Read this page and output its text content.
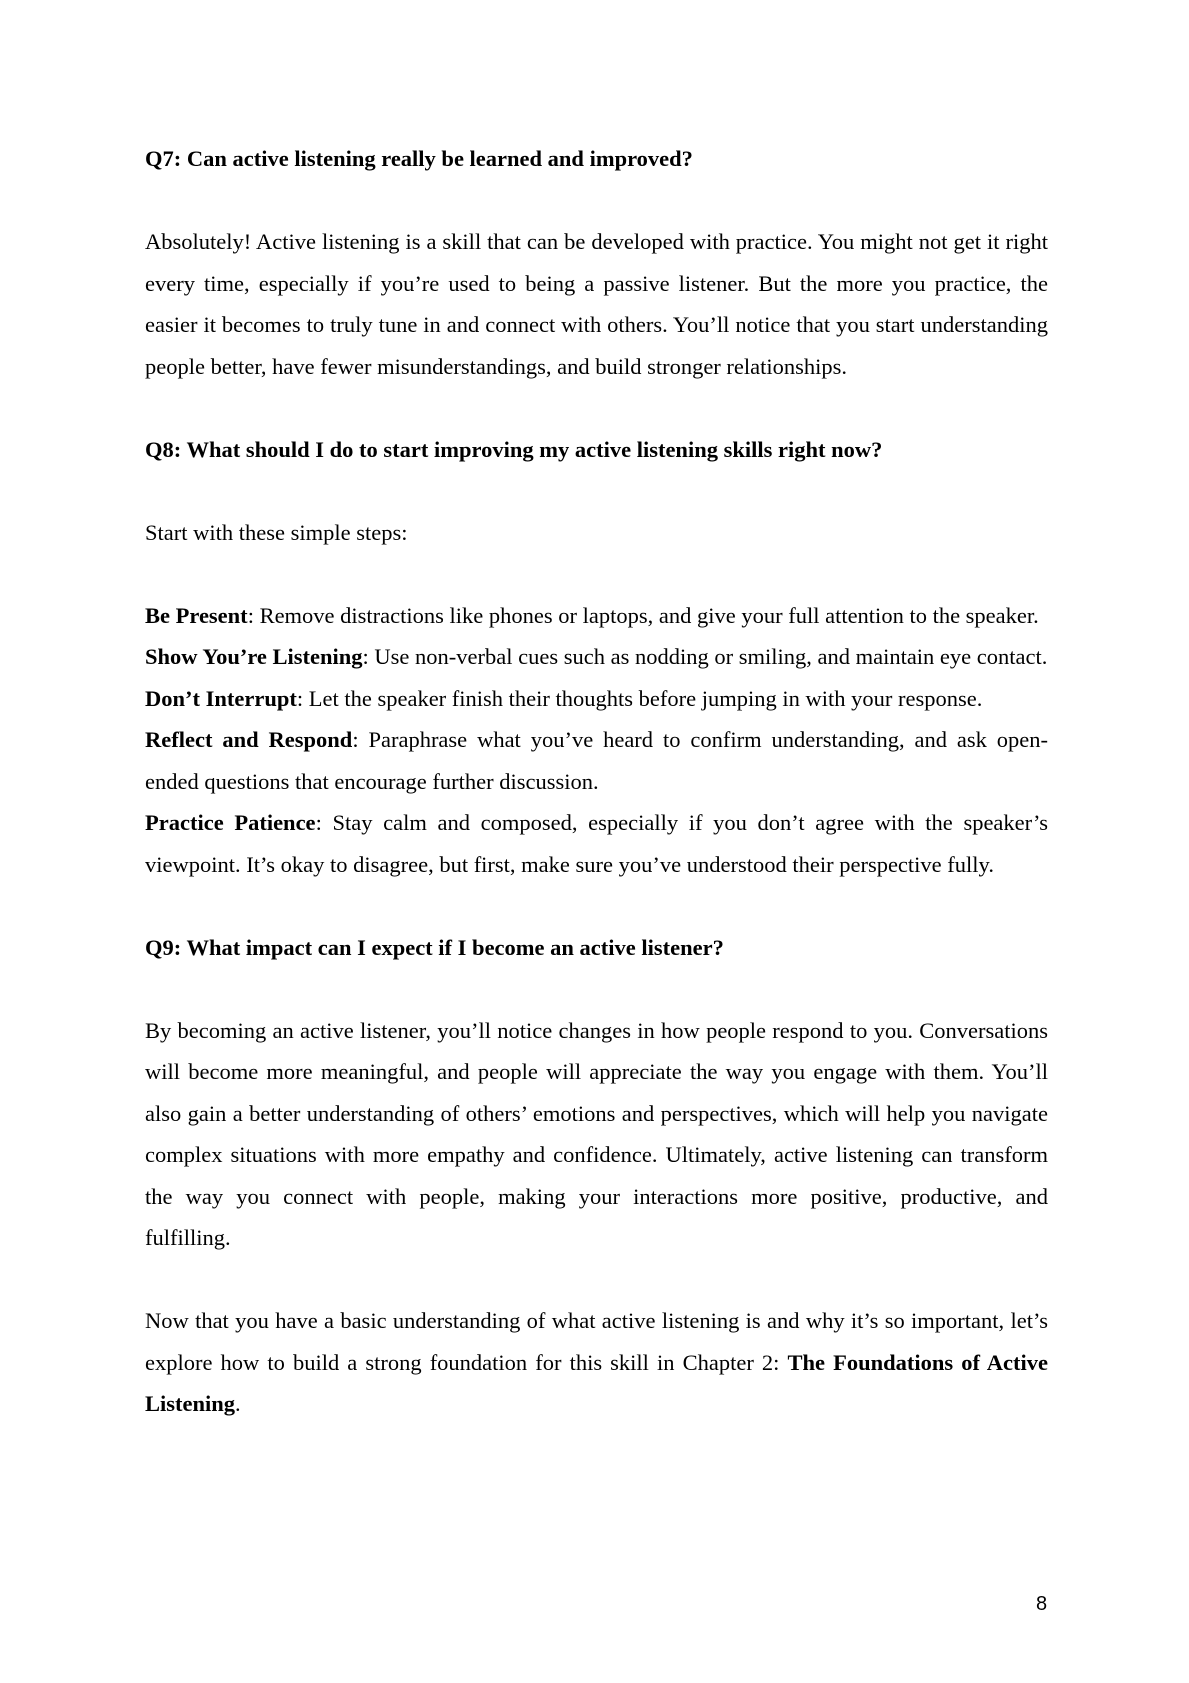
Q7: Can active listening really be learned and improved?

Absolutely! Active listening is a skill that can be developed with practice. You might not get it right every time, especially if you’re used to being a passive listener. But the more you practice, the easier it becomes to truly tune in and connect with others. You’ll notice that you start understanding people better, have fewer misunderstandings, and build stronger relationships.

Q8: What should I do to start improving my active listening skills right now?

Start with these simple steps:

Be Present: Remove distractions like phones or laptops, and give your full attention to the speaker.

Show You’re Listening: Use non-verbal cues such as nodding or smiling, and maintain eye contact.

Don’t Interrupt: Let the speaker finish their thoughts before jumping in with your response.

Reflect and Respond: Paraphrase what you’ve heard to confirm understanding, and ask open-ended questions that encourage further discussion.

Practice Patience: Stay calm and composed, especially if you don’t agree with the speaker’s viewpoint. It’s okay to disagree, but first, make sure you’ve understood their perspective fully.

Q9: What impact can I expect if I become an active listener?

By becoming an active listener, you’ll notice changes in how people respond to you. Conversations will become more meaningful, and people will appreciate the way you engage with them. You’ll also gain a better understanding of others’ emotions and perspectives, which will help you navigate complex situations with more empathy and confidence. Ultimately, active listening can transform the way you connect with people, making your interactions more positive, productive, and fulfilling.

Now that you have a basic understanding of what active listening is and why it’s so important, let’s explore how to build a strong foundation for this skill in Chapter 2: The Foundations of Active Listening.

8
